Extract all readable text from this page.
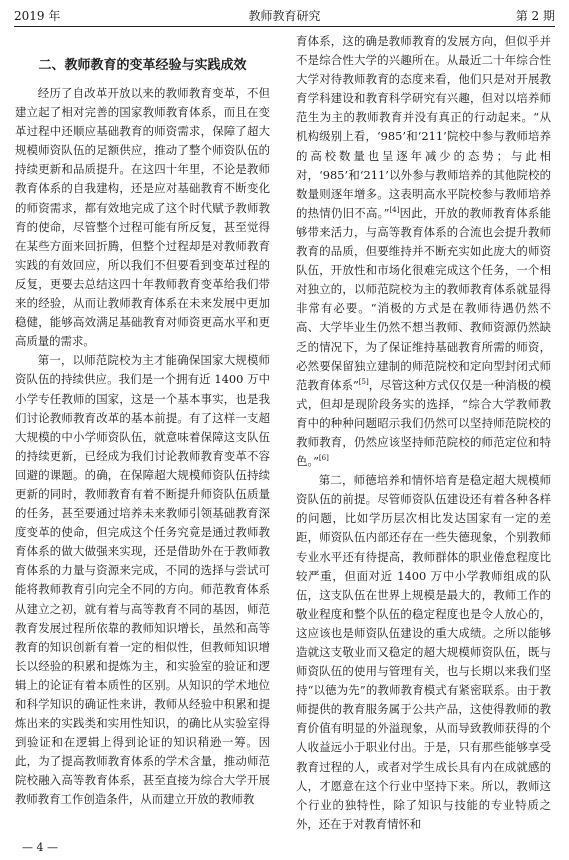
2019 年	教师教育研究	第 2 期
二、教师教育的变革经验与实践成效

经历了自改革开放以来的教师教育变革，不但建立起了相对完善的国家教师教育体系，而且在变革过程中还顺应基础教育的师资需求，保障了超大规模师资队伍的足额供应，推动了整个师资队伍的持续更新和品质提升。在这四十年里，不论是教师教育体系的自我建构，还是应对基础教育不断变化的师资需求，都有效地完成了这个时代赋予教师教育的使命，尽管整个过程可能有所反复，甚至觉得在某些方面来回折腾，但整个过程却是对教师教育实践的有效回应，所以我们不但要看到变革过程的反复，更要去总结这四十年教师教育变革给我们带来的经验，从而让教师教育体系在未来发展中更加稳健，能够高效满足基础教育对师资更高水平和更高质量的需求。

第一，以师范院校为主才能确保国家大规模师资队伍的持续供应。我们是一个拥有近 1400 万中小学专任教师的国家，这是一个基本事实，也是我们讨论教师教育改革的基本前提。有了这样一支超大规模的中小学师资队伍，就意味着保障这支队伍的持续更新，已经成为我们讨论教师教育变革不容回避的课题。的确，在保障超大规模师资队伍持续更新的同时，教师教育有着不断提升师资队伍质量的任务，甚至要通过培养未来教师引领基础教育深度变革的使命，但完成这个任务究竟是通过教师教育体系的做大做强来实现，还是借助外在于教师教育体系的力量与资源来完成，不同的选择与尝试可能将教师教育引向完全不同的方向。师范教育体系从建立之初，就有着与高等教育不同的基因，师范教育发展过程所依靠的教师知识增长，虽然和高等教育的知识创新有着一定的相似性，但教师知识增长以经验的积累和提炼为主，和实验室的验证和逻辑上的论证有着本质性的区别。从知识的学术地位和科学知识的确证性来讲，教师从经验中积累和提炼出来的实践类和实用性知识，的确比从实验室得到验证和在逻辑上得到论证的知识稍逊一筹。因此，为了提高教师教育体系的学术含量，推动师范院校融入高等教育体系，甚至直接为综合大学开展教师教育工作创造条件，从而建立开放的教师教

育体系，这的确是教师教育的发展方向，但似乎并不是综合性大学的兴趣所在。从最近二十年综合性大学对待教师教育的态度来看，他们只是对开展教育学科建设和教育科学研究有兴趣，但对以培养师范生为主的教师教育并没有真正的行动起来。“从机构级别上看，‘985’和‘211’院校中参与教师培养的高校数量也呈逐年减少的态势；与此相对，‘985’和‘211’以外参与教师培养的其他院校的数量则逐年增多。这表明高水平院校参与教师培养的热情仍旧不高。”[4]因此，开放的教师教育体系能够带来活力，与高等教育体系的合流也会提升教师教育的品质，但要维持并不断充实如此庞大的师资队伍，开放性和市场化很难完成这个任务，一个相对独立的，以师范院校为主的教师教育体系就显得非常有必要。“消极的方式是在教师待遇仍然不高、大学毕业生仍然不想当教师、教师资源仍然缺乏的情况下，为了保证维持基础教育所需的师资，必然要保留独立建制的师范院校和定向型封闭式师范教育体系”[5]，尽管这种方式仅仅是一种消极的模式，但却是现阶段务实的选择，“综合大学教师教育中的种种问题昭示我们仍然可以坚持师范院校的教师教育，仍然应该坚持师范院校的师范定位和特色。”[6]

第二，师德培养和情怀培育是稳定超大规模师资队伍的前提。尽管师资队伍建设还有着各种各样的问题，比如学历层次相比发达国家有一定的差距，师资队伍内部还存在一些失德现象，个别教师专业水平还有待提高，教师群体的职业倦怠程度比较严重，但面对近 1400 万中小学教师组成的队伍，这支队伍在世界上规模是最大的，教师工作的敬业程度和整个队伍的稳定程度也是令人放心的，这应该也是师资队伍建设的重大成绩。之所以能够造就这支敬业而又稳定的超大规模师资队伍，既与师资队伍的使用与管理有关，也与长期以来我们坚持“以德为先”的教师教育模式有紧密联系。由于教师提供的教育服务属于公共产品，这使得教师的教育价值有明显的外溢现象，从而导致教师获得的个人收益远小于职业付出。于是，只有那些能够享受教育过程的人，或者对学生成长具有内在成就感的人，才愿意在这个行业中坚持下来。所以，教师这个行业的独特性，除了知识与技能的专业特质之外，还在于对教育情怀和

— 4 —
